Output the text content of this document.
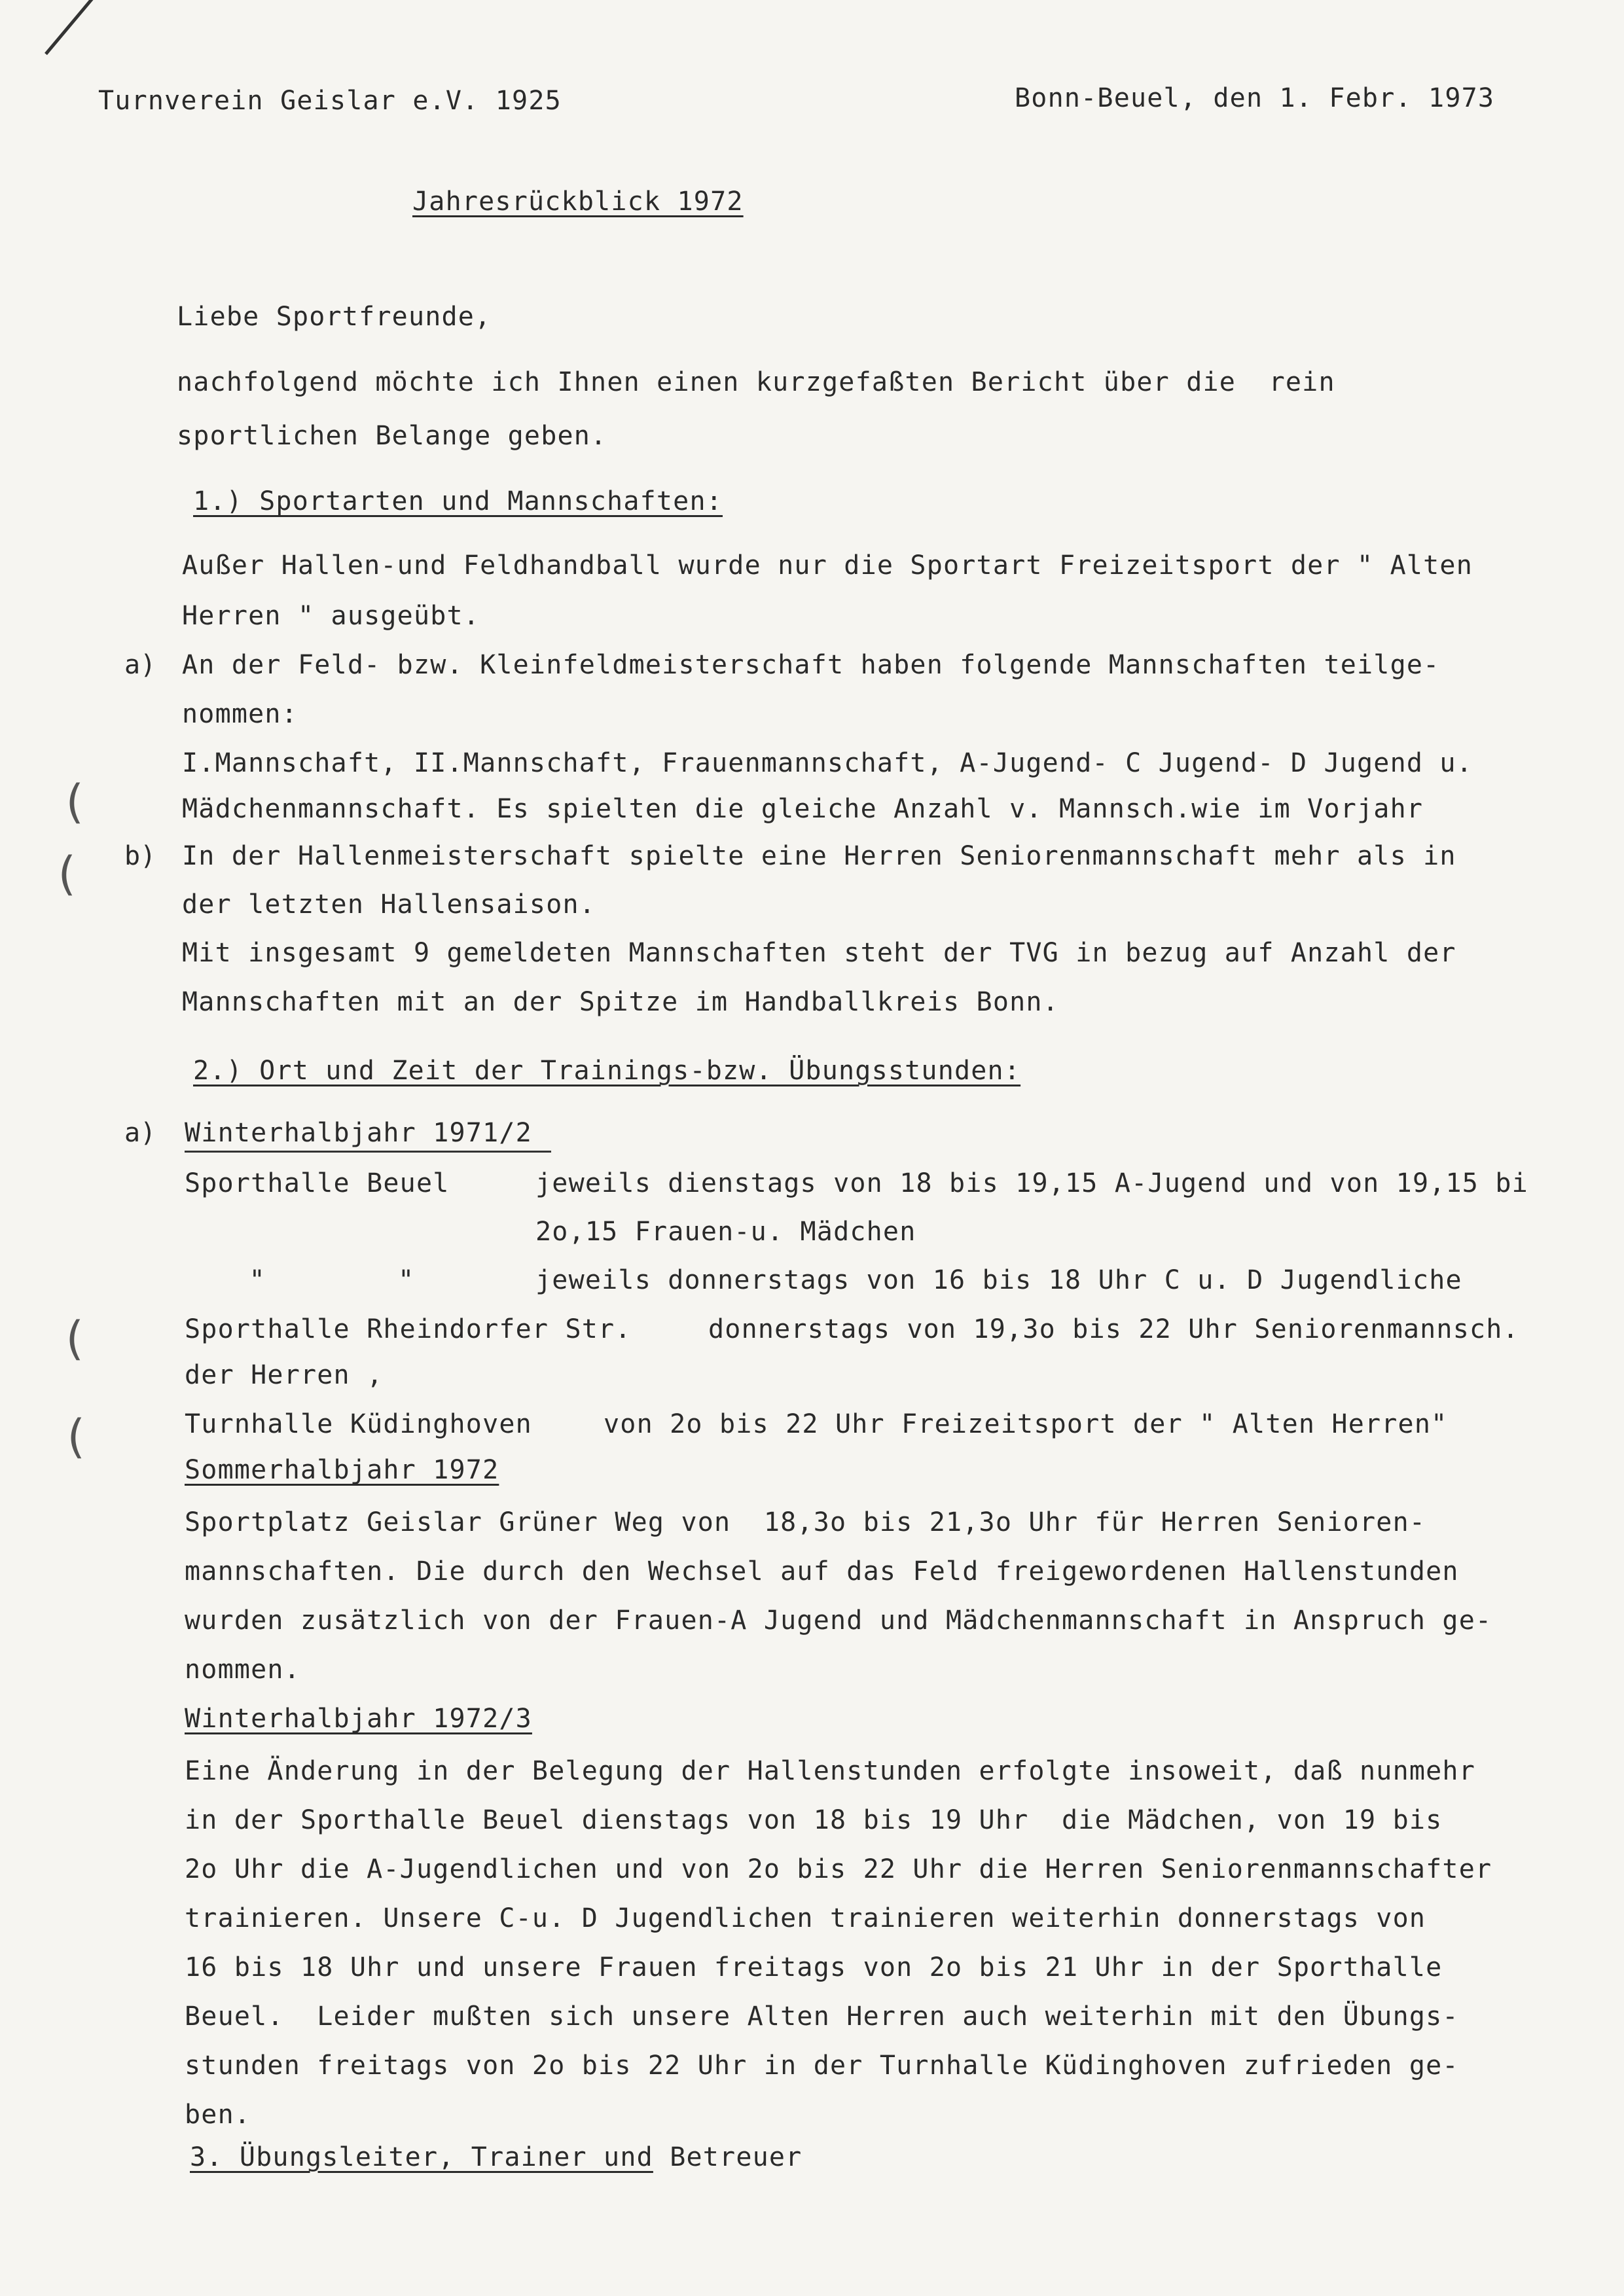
(
(
(
(
Turnverein Geislar e.V. 1925	Bonn-Beuel, den 1. Febr. 1973
Jahresrückblick 1972
Liebe Sportfreunde,
nachfolgend möchte ich Ihnen einen kurzgefaßten Bericht über die  rein
sportlichen Belange geben.
1.) Sportarten und Mannschaften:
Außer Hallen-und Feldhandball wurde nur die Sportart Freizeitsport der " Alten
Herren " ausgeübt.
a) An der Feld- bzw. Kleinfeldmeisterschaft haben folgende Mannschaften teilge-
nommen:
I.Mannschaft, II.Mannschaft, Frauenmannschaft, A-Jugend- C Jugend- D Jugend u.
Mädchenmannschaft. Es spielten die gleiche Anzahl v. Mannsch.wie im Vorjahr
b) In der Hallenmeisterschaft spielte eine Herren Seniorenmannschaft mehr als in
der letzten Hallensaison.
Mit insgesamt 9 gemeldeten Mannschaften steht der TVG in bezug auf Anzahl der
Mannschaften mit an der Spitze im Handballkreis Bonn.
2.) Ort und Zeit der Trainings-bzw. Übungsstunden:
a) Winterhalbjahr 1971/2
Sporthalle Beuel	jeweils dienstags von 18 bis 19,15 A-Jugend und von 19,15 bi
2o,15 Frauen-u. Mädchen
"        "	jeweils donnerstags von 16 bis 18 Uhr C u. D Jugendliche
Sporthalle Rheindorfer Str.	donnerstags von 19,3o bis 22 Uhr Seniorenmannsch.
der Herren ,
Turnhalle Küdinghoven	von 2o bis 22 Uhr Freizeitsport der " Alten Herren"
Sommerhalbjahr 1972
Sportplatz Geislar Grüner Weg von  18,3o bis 21,3o Uhr für Herren Senioren-
mannschaften. Die durch den Wechsel auf das Feld freigewordenen Hallenstunden
wurden zusätzlich von der Frauen-A Jugend und Mädchenmannschaft in Anspruch ge-
nommen.
Winterhalbjahr 1972/3
Eine Änderung in der Belegung der Hallenstunden erfolgte insoweit, daß nunmehr
in der Sporthalle Beuel dienstags von 18 bis 19 Uhr  die Mädchen, von 19 bis
2o Uhr die A-Jugendlichen und von 2o bis 22 Uhr die Herren Seniorenmannschafter
trainieren. Unsere C-u. D Jugendlichen trainieren weiterhin donnerstags von
16 bis 18 Uhr und unsere Frauen freitags von 2o bis 21 Uhr in der Sporthalle
Beuel.  Leider mußten sich unsere Alten Herren auch weiterhin mit den Übungs-
stunden freitags von 2o bis 22 Uhr in der Turnhalle Küdinghoven zufrieden ge-
ben.
3. Übungsleiter, Trainer und Betreuer
